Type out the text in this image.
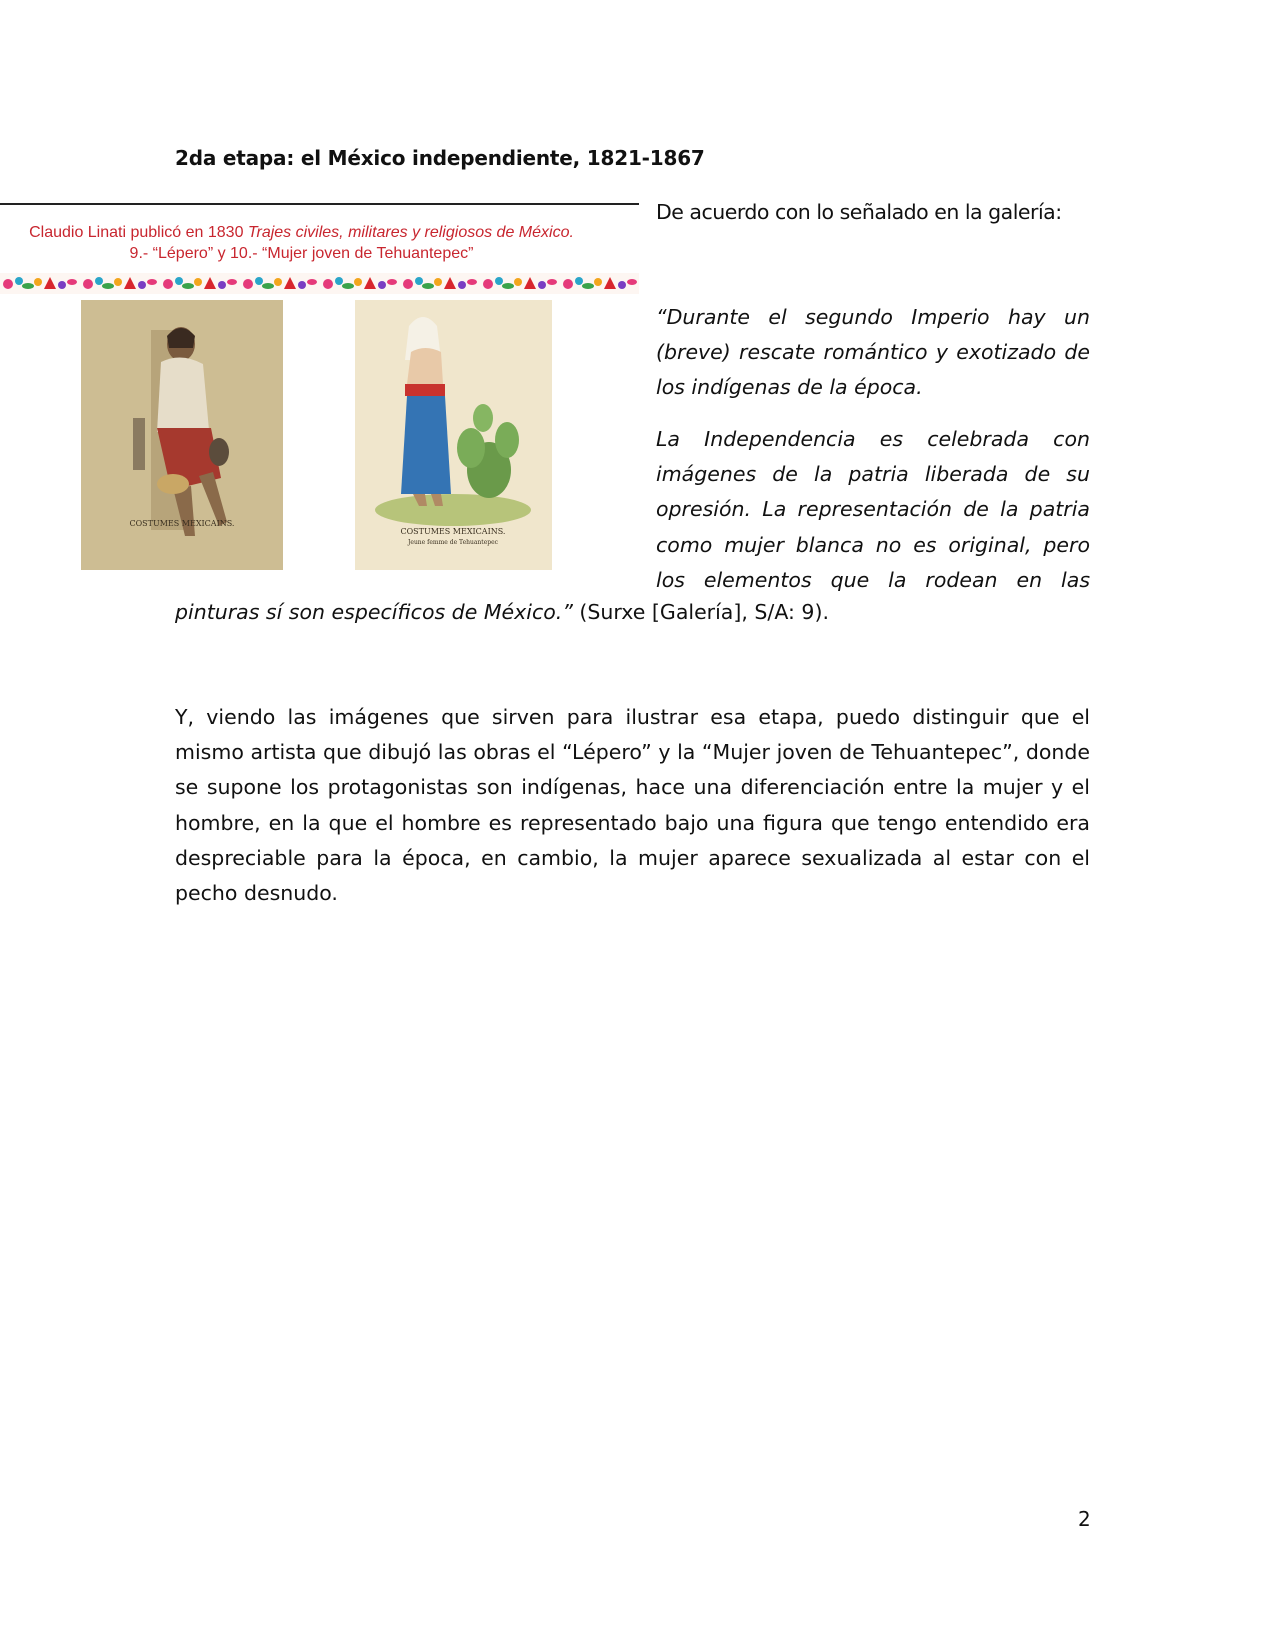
2da etapa: el México independiente, 1821-1867
Claudio Linati publicó en 1830 Trajes civiles, militares y religiosos de México.
9.- “Lépero” y 10.- “Mujer joven de Tehuantepec”
COSTUMES MEXICAINS.
COSTUMES MEXICAINS.
Jeune femme de Tehuantepec
De acuerdo con lo señalado en la galería:
“Durante el segundo Imperio hay un (breve) rescate romántico y exotizado de los indígenas de la época.
La Independencia es celebrada con
imágenes de la patria liberada de su
opresión. La representación de la patria
como mujer blanca no es original, pero
los elementos que la rodean en las
pinturas sí son específicos de México.” (Surxe [Galería], S/A: 9).
Y, viendo las imágenes que sirven para ilustrar esa etapa, puedo distinguir que el mismo artista que dibujó las obras el “Lépero” y la “Mujer joven de Tehuantepec”, donde se supone los protagonistas son indígenas, hace una diferenciación entre la mujer y el hombre, en la que el hombre es representado bajo una figura que tengo entendido era despreciable para la época, en cambio, la mujer aparece sexualizada al estar con el pecho desnudo.
2
